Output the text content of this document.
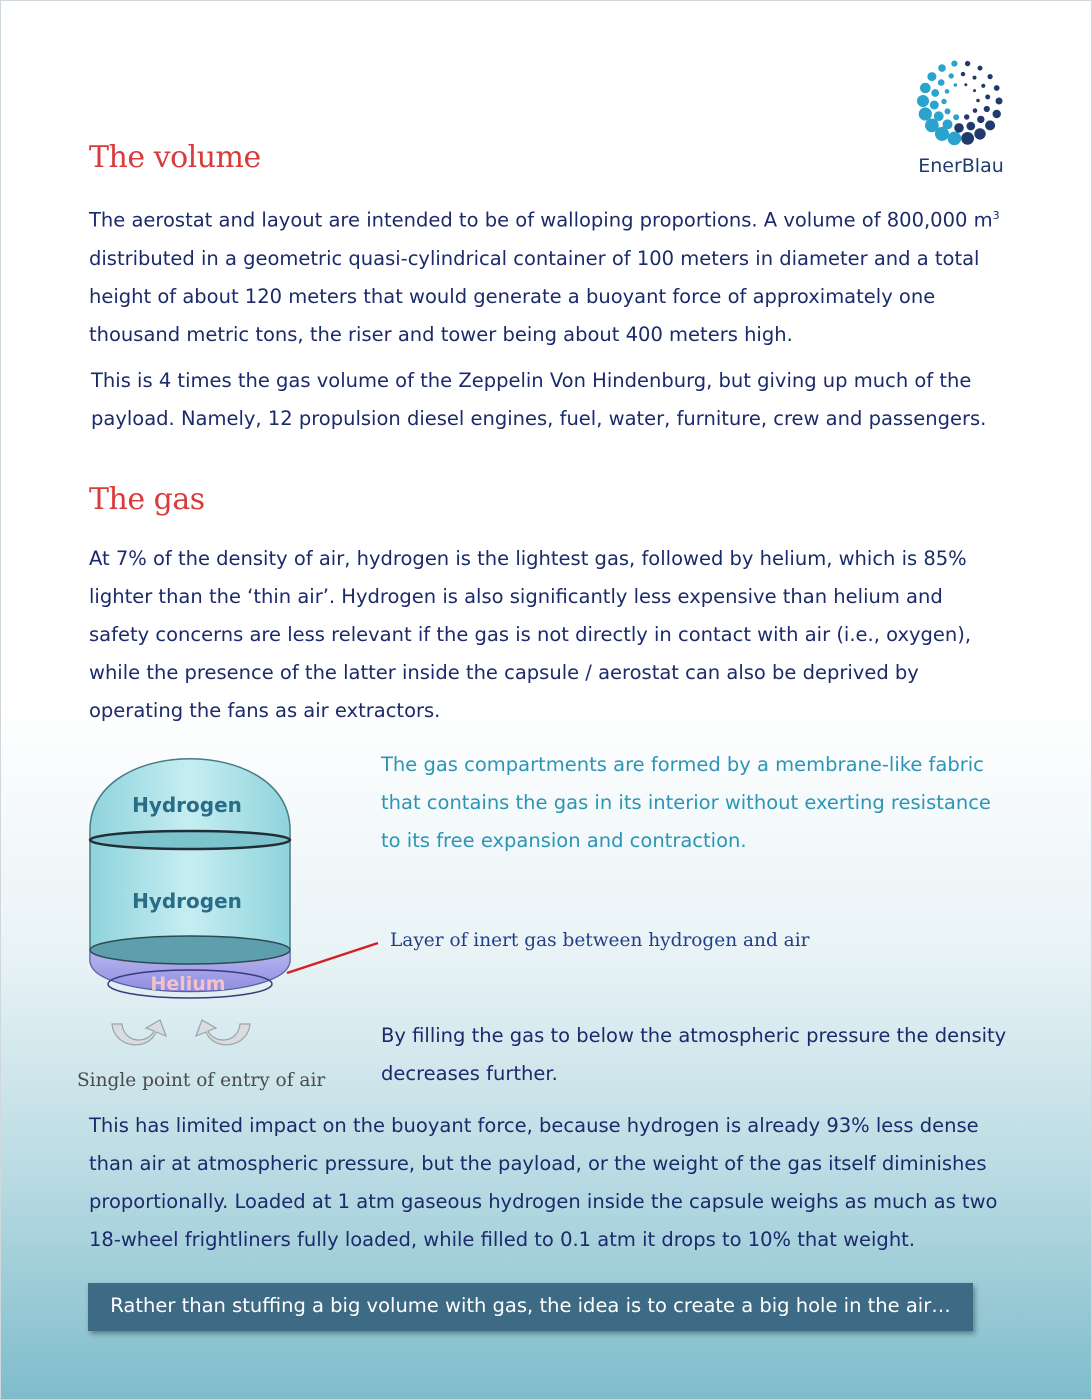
EnerBlau
The volume

The aerostat and layout are intended to be of walloping proportions. A volume of 800,000 $m^3$ distributed in a geometric quasi-cylindrical container of 100 meters in diameter and a total height of about 120 meters that would generate a buoyant force of approximately one thousand metric tons, the riser and tower being about 400 meters high.

This is 4 times the gas volume of the Zeppelin Von Hindenburg, but giving up much of the payload. Namely, 12 propulsion diesel engines, fuel, water, furniture, crew and passengers.

The gas

At 7% of the density of air, hydrogen is the lightest gas, followed by helium, which is 85% lighter than the ‘thin air’. Hydrogen is also significantly less expensive than helium and safety concerns are less relevant if the gas is not directly in contact with air (i.e., oxygen), while the presence of the latter inside the capsule / aerostat can also be deprived by operating the fans as air extractors.

Hydrogen
Hydrogen
Helium

Single point of entry of air

The gas compartments are formed by a membrane-like fabric that contains the gas in its interior without exerting resistance to its free expansion and contraction.

Layer of inert gas between hydrogen and air

By filling the gas to below the atmospheric pressure the density decreases further.

This has limited impact on the buoyant force, because hydrogen is already 93% less dense than air at atmospheric pressure, but the payload, or the weight of the gas itself diminishes proportionally. Loaded at 1 atm gaseous hydrogen inside the capsule weighs as much as two 18-wheel frightliners fully loaded, while filled to 0.1 atm it drops to 10% that weight.

Rather than stuffing a big volume with gas, the idea is to create a big hole in the air…
